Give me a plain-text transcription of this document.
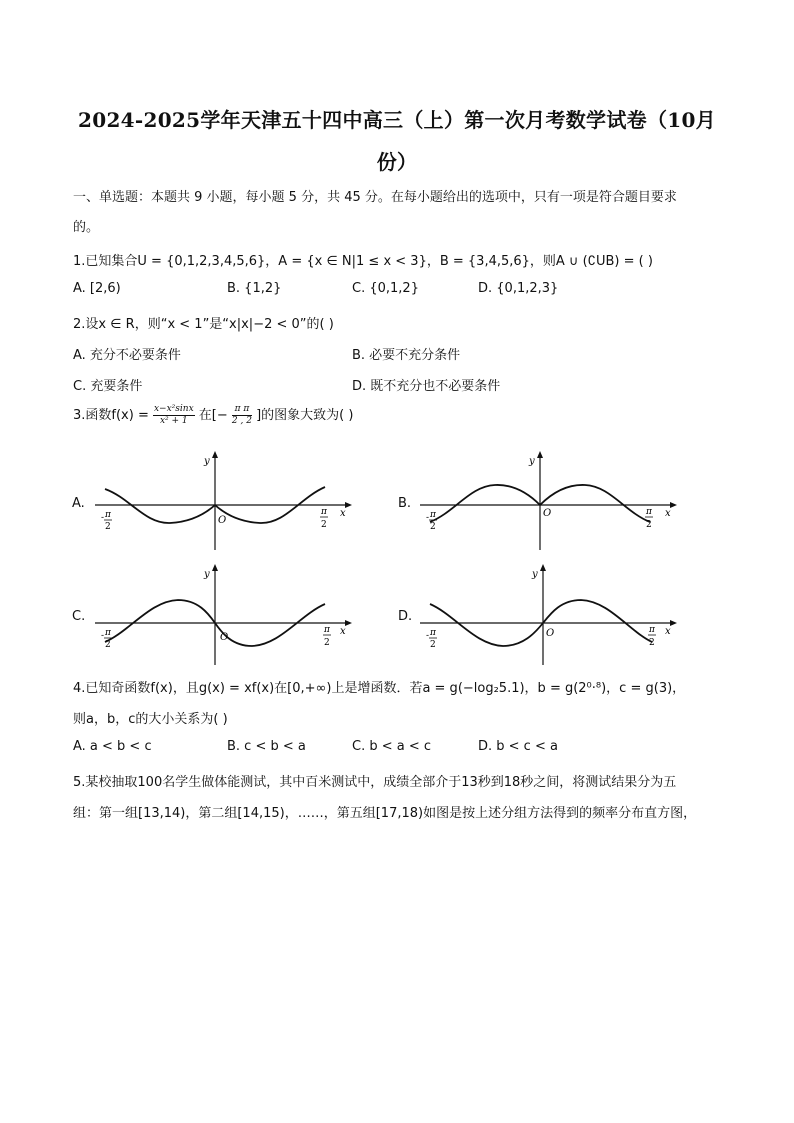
2024-2025学年天津五十四中高三（上）第一次月考数学试卷（10月
份）
一、单选题：本题共 9 小题，每小题 5 分，共 45 分。在每小题给出的选项中，只有一项是符合题目要求
的。
1.已知集合U = {0,1,2,3,4,5,6}，A = {x ∈ N|1 ≤ x < 3}，B = {3,4,5,6}，则A ∪ (∁UB) = ( )
A. [2,6)	B. {1,2}	C. {0,1,2}	D. {0,1,2,3}
2.设x ∈ R，则“x < 1”是“x|x|−2 < 0”的( )
A. 充分不必要条件	B. 必要不充分条件
C. 充要条件	D. 既不充分也不必要条件
3.函数$f(x) = \frac{\text{x−x²sinx}}{\text{x² + 1}}$ 在[− $\frac{\text{π π}}{2 , 2}$ ]的图象大致为( )
A.
y
x
O
- π
2
π
2
B.
y
x
O
- π
2
π
2
C.
y
x
O
- π
2
π
2
D.
y
x
O
- π
2
π
2
4.已知奇函数f(x)，且g(x) = xf(x)在[0,+∞)上是增函数．若a = g(−log₂5.1)，b = g(2⁰·⁸)，c = g(3)，
则a，b，c的大小关系为( )
A. a < b < c	B. c < b < a	C. b < a < c	D. b < c < a
5.某校抽取100名学生做体能测试，其中百米测试中，成绩全部介于13秒到18秒之间，将测试结果分为五
组：第一组[13,14)，第二组[14,15)，……，第五组[17,18)如图是按上述分组方法得到的频率分布直方图，
